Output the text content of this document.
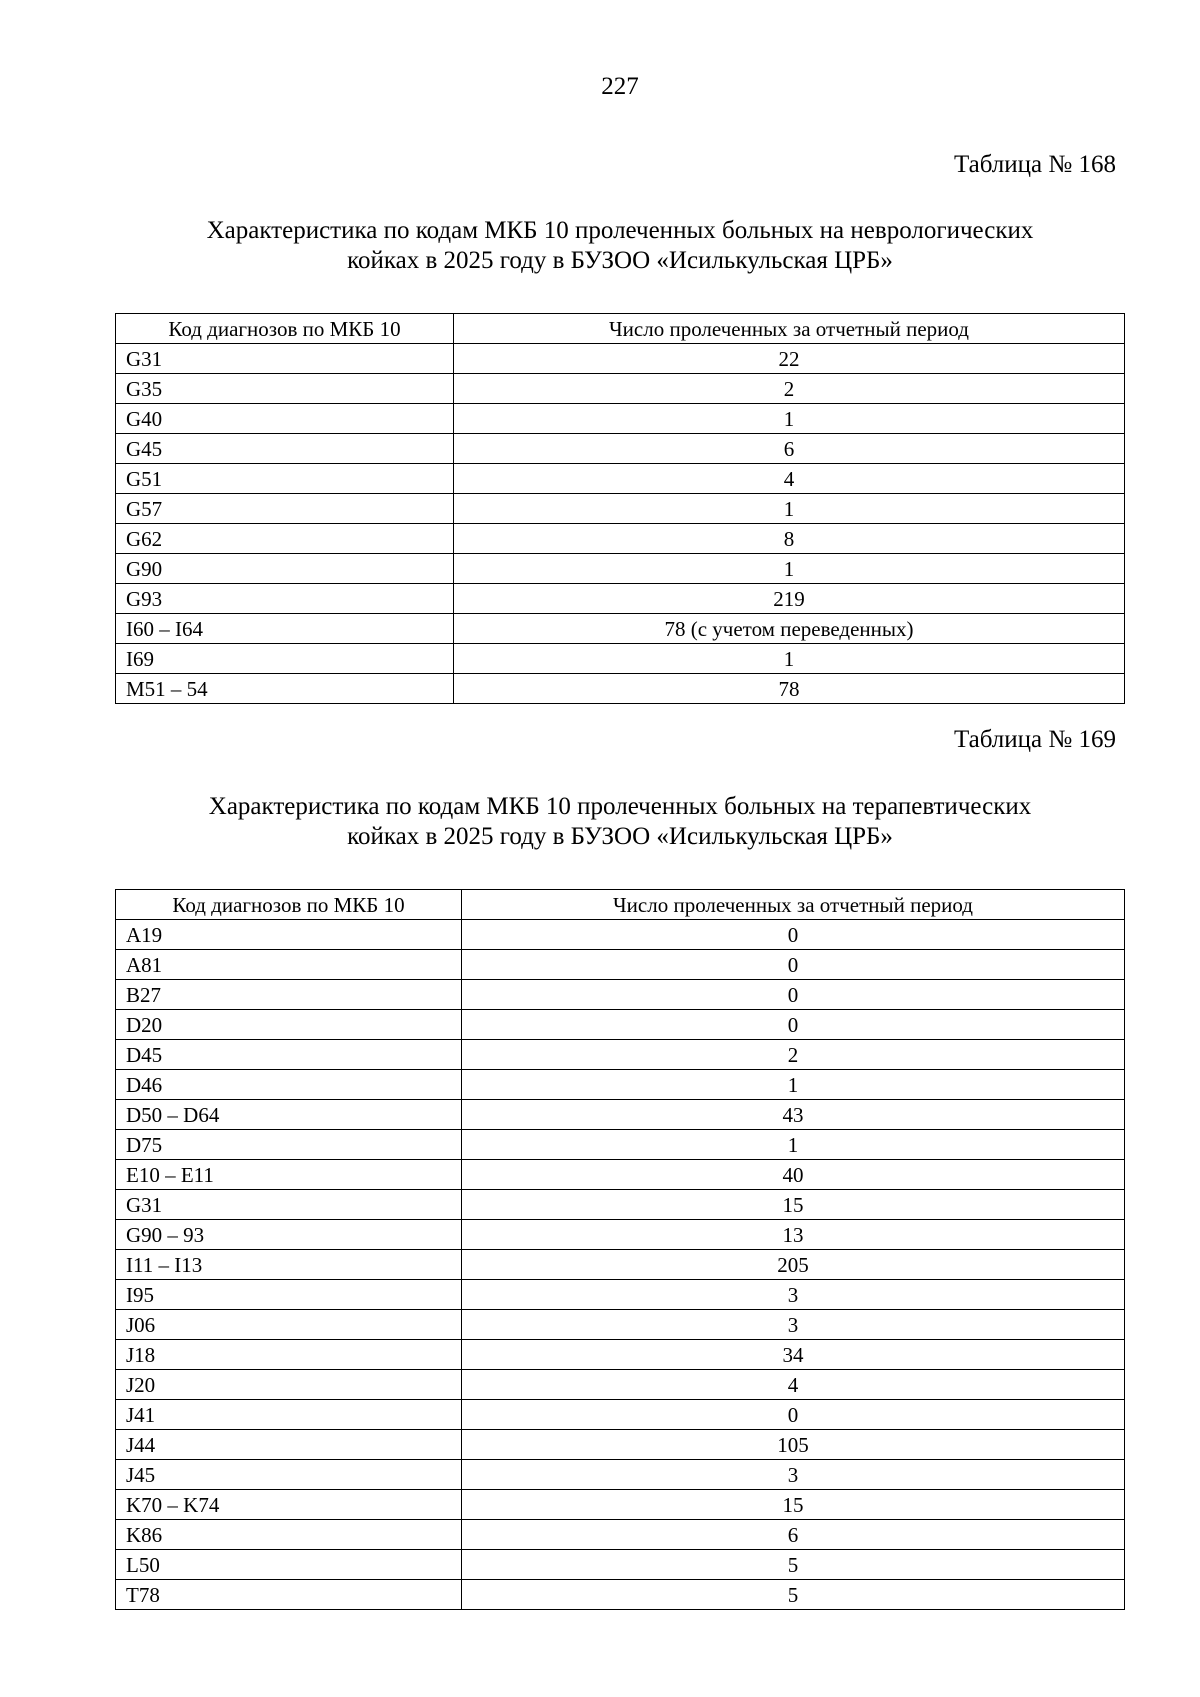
227
Таблица № 168
Характеристика по кодам МКБ 10 пролеченных больных на неврологических
койках в 2025 году в БУЗОО «Исилькульская ЦРБ»
Код диагнозов по МКБ 10	Число пролеченных за отчетный период
G31	22
G35	2
G40	1
G45	6
G51	4
G57	1
G62	8
G90	1
G93	219
I60 – I64	78 (с учетом переведенных)
I69	1
M51 – 54	78
Таблица № 169
Характеристика по кодам МКБ 10 пролеченных больных на терапевтических
койках в 2025 году в БУЗОО «Исилькульская ЦРБ»
Код диагнозов по МКБ 10	Число пролеченных за отчетный период
A19	0
A81	0
B27	0
D20	0
D45	2
D46	1
D50 – D64	43
D75	1
E10 – E11	40
G31	15
G90 – 93	13
I11 – I13	205
I95	3
J06	3
J18	34
J20	4
J41	0
J44	105
J45	3
K70 – K74	15
K86	6
L50	5
T78	5
